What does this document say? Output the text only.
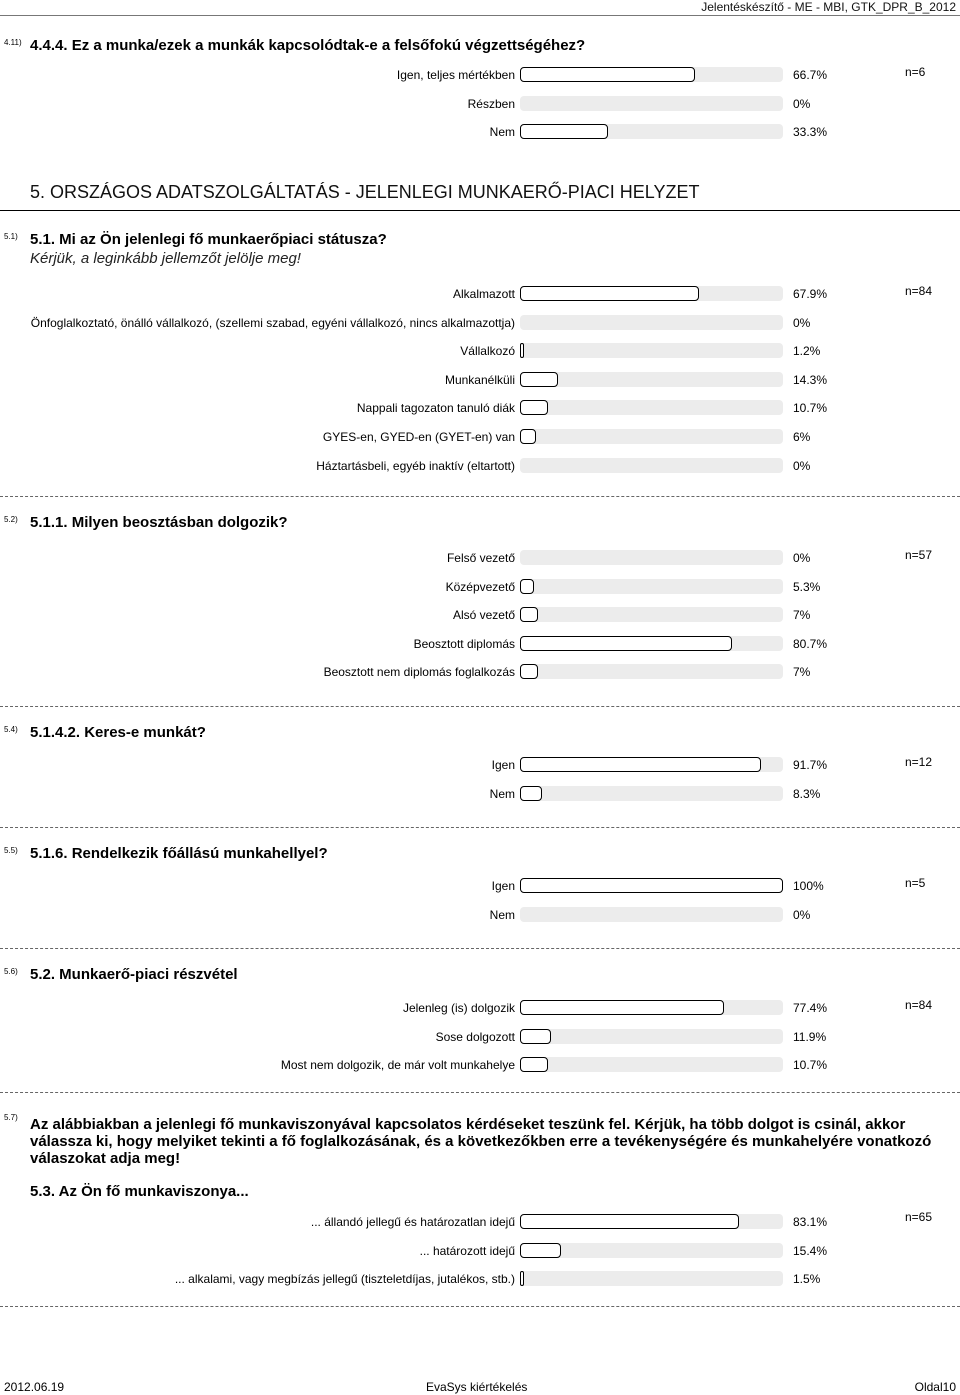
Jelentéskészítő - ME - MBI, GTK_DPR_B_2012
5. ORSZÁGOS ADATSZOLGÁLTATÁS - JELENLEGI MUNKAERŐ-PIACI HELYZET
4.11) 4.4.4. Ez a munka/ezek a munkák kapcsolódtak-e a felsőfokú végzettségéhez?
n=6
Igen, teljes mértékben	66.7%
Részben	0%
Nem	33.3%
5.1) 5.1. Mi az Ön jelenlegi fő munkaerőpiaci státusza?
Kérjük, a leginkább jellemzőt jelölje meg!
n=84
Alkalmazott	67.9%
Önfoglalkoztató, önálló vállalkozó, (szellemi szabad, egyéni vállalkozó, nincs alkalmazottja)	0%
Vállalkozó	1.2%
Munkanélküli	14.3%
Nappali tagozaton tanuló diák	10.7%
GYES-en, GYED-en (GYET-en) van	6%
Háztartásbeli, egyéb inaktív (eltartott)	0%
5.2) 5.1.1. Milyen beosztásban dolgozik?
n=57
Felső vezető	0%
Középvezető	5.3%
Alsó vezető	7%
Beosztott diplomás	80.7%
Beosztott nem diplomás foglalkozás	7%
5.4) 5.1.4.2. Keres-e munkát?
n=12
Igen	91.7%
Nem	8.3%
5.5) 5.1.6. Rendelkezik főállású munkahellyel?
n=5
Igen	100%
Nem	0%
5.6) 5.2. Munkaerő-piaci részvétel
n=84
Jelenleg (is) dolgozik	77.4%
Sose dolgozott	11.9%
Most nem dolgozik, de már volt munkahelye	10.7%
5.7) Az alábbiakban a jelenlegi fő munkaviszonyával kapcsolatos kérdéseket teszünk fel. Kérjük, ha több dolgot is csinál, akkor válassza ki, hogy melyiket tekinti a fő foglalkozásának, és a következőkben erre a tevékenységére és munkahelyére vonatkozó válaszokat adja meg!
5.3. Az Ön fő munkaviszonya...
n=65
... állandó jellegű és határozatlan idejű	83.1%
... határozott idejű	15.4%
... alkalami, vagy megbízás jellegű (tiszteletdíjas, jutalékos, stb.)	1.5%
2012.06.19	EvaSys kiértékelés	Oldal10
